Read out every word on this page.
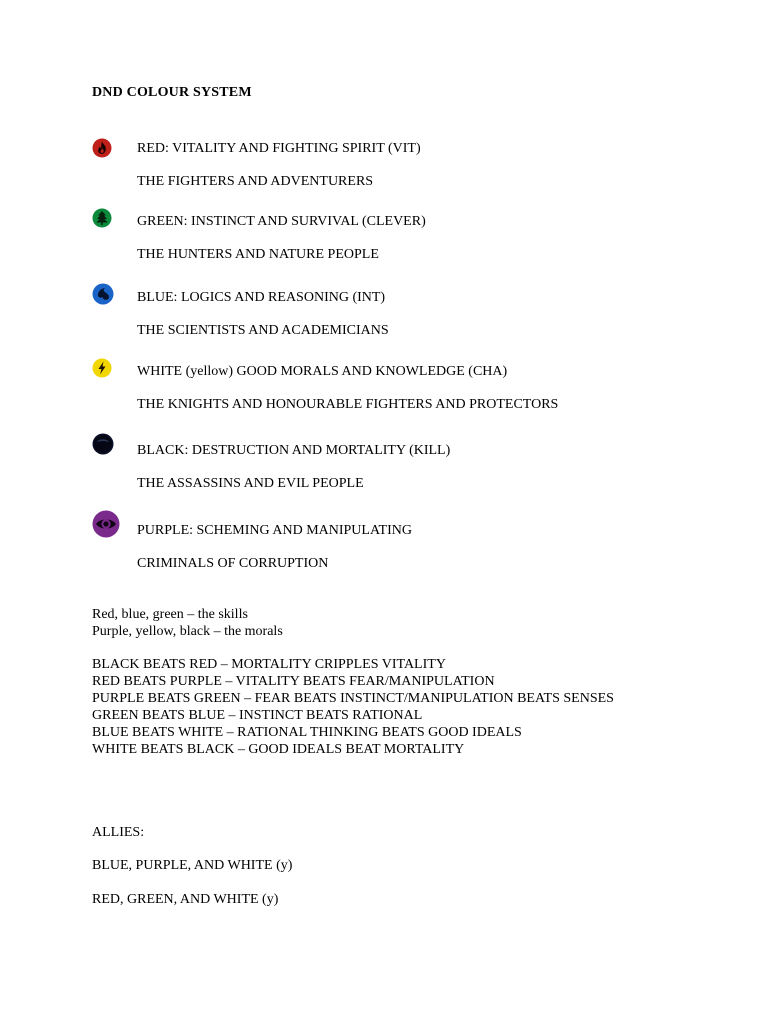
DND COLOUR SYSTEM
RED: VITALITY AND FIGHTING SPIRIT (VIT)
THE FIGHTERS AND ADVENTURERS
GREEN: INSTINCT AND SURVIVAL (CLEVER)
THE HUNTERS AND NATURE PEOPLE
BLUE: LOGICS AND REASONING (INT)
THE SCIENTISTS AND ACADEMICIANS
WHITE (yellow) GOOD MORALS AND KNOWLEDGE (CHA)
THE KNIGHTS AND HONOURABLE FIGHTERS AND PROTECTORS
BLACK: DESTRUCTION AND MORTALITY (KILL)
THE ASSASSINS AND EVIL PEOPLE
PURPLE: SCHEMING AND MANIPULATING
CRIMINALS OF CORRUPTION
Red, blue, green – the skills
Purple, yellow, black – the morals
BLACK BEATS RED – MORTALITY CRIPPLES VITALITY
RED BEATS PURPLE – VITALITY BEATS FEAR/MANIPULATION
PURPLE BEATS GREEN – FEAR BEATS INSTINCT/MANIPULATION BEATS SENSES
GREEN BEATS BLUE – INSTINCT BEATS RATIONAL
BLUE BEATS WHITE – RATIONAL THINKING BEATS GOOD IDEALS
WHITE BEATS BLACK – GOOD IDEALS BEAT MORTALITY
ALLIES:
BLUE, PURPLE, AND WHITE (y)
RED, GREEN, AND WHITE (y)
